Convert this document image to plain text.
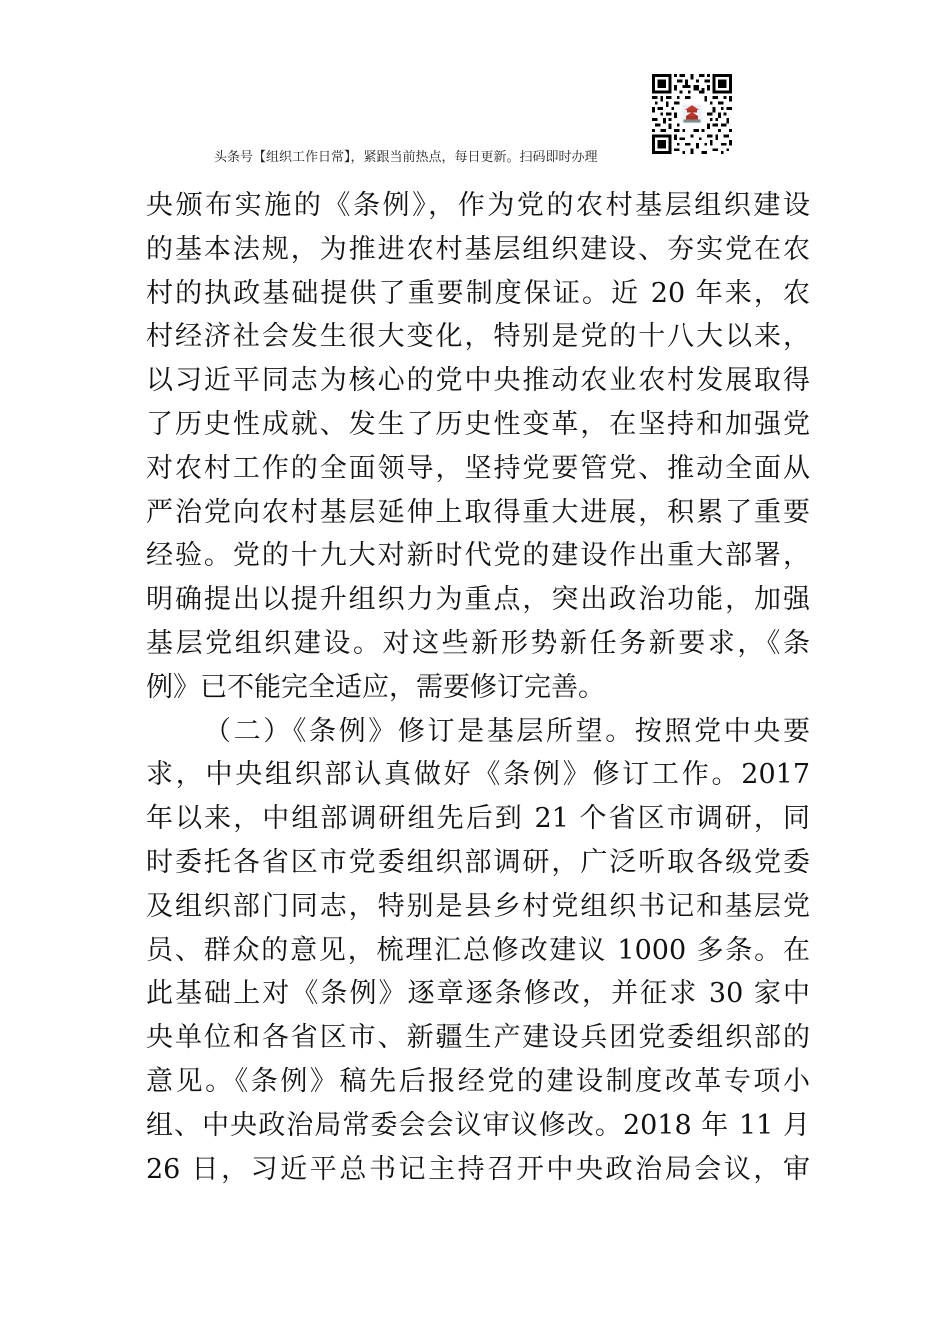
头条号【组织工作日常】，紧跟当前热点，每日更新。扫码即时办理
央颁布实施的《条例》，作为党的农村基层组织建设
的基本法规，为推进农村基层组织建设、夯实党在农
村的执政基础提供了重要制度保证。近 20 年来，农
村经济社会发生很大变化，特别是党的十八大以来，
以习近平同志为核心的党中央推动农业农村发展取得
了历史性成就、发生了历史性变革，在坚持和加强党
对农村工作的全面领导，坚持党要管党、推动全面从
严治党向农村基层延伸上取得重大进展，积累了重要
经验。党的十九大对新时代党的建设作出重大部署，
明确提出以提升组织力为重点，突出政治功能，加强
基层党组织建设。对这些新形势新任务新要求，《条
例》已不能完全适应，需要修订完善。
（二）《条例》修订是基层所望。按照党中央要
求，中央组织部认真做好《条例》修订工作。2017
年以来，中组部调研组先后到 21 个省区市调研，同
时委托各省区市党委组织部调研，广泛听取各级党委
及组织部门同志，特别是县乡村党组织书记和基层党
员、群众的意见，梳理汇总修改建议 1000 多条。在
此基础上对《条例》逐章逐条修改，并征求 30 家中
央单位和各省区市、新疆生产建设兵团党委组织部的
意见。《条例》稿先后报经党的建设制度改革专项小
组、中央政治局常委会会议审议修改。2018 年 11 月
26 日，习近平总书记主持召开中央政治局会议，审
